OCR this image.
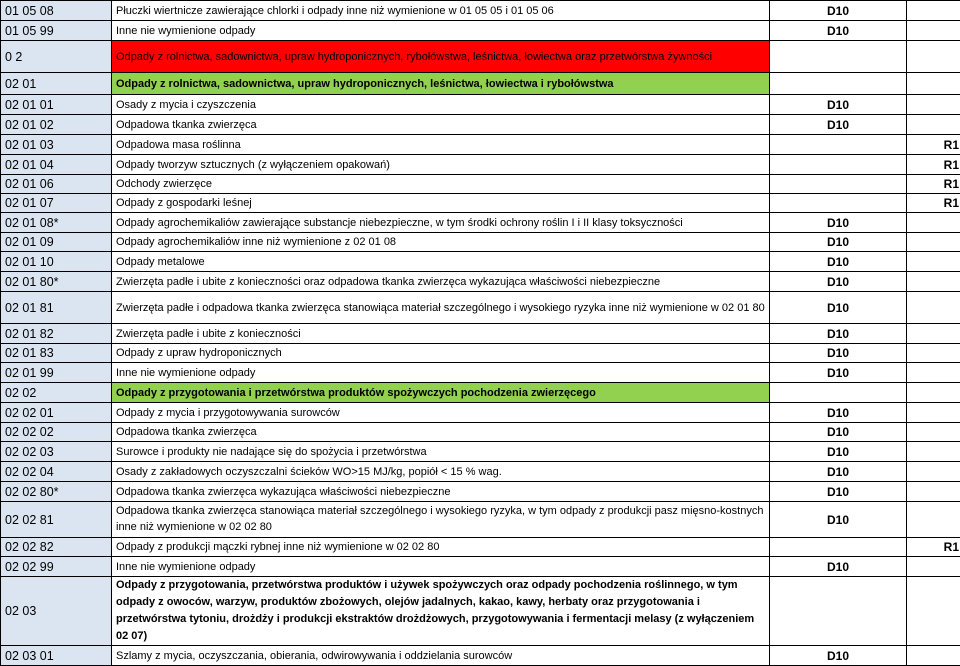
01 05 08	Płuczki wiertnicze zawierające chlorki i odpady inne niż wymienione w 01 05 05 i 01 05 06	D10	
01 05 99	Inne nie wymienione odpady	D10	
0 2	Odpady z rolnictwa, sadownictwa, upraw hydroponicznych, rybołówstwa, leśnictwa, łowiectwa oraz przetwórstwa żywności		
02 01	Odpady z rolnictwa, sadownictwa, upraw hydroponicznych, leśnictwa, łowiectwa i rybołówstwa		
02 01 01	Osady z mycia i czyszczenia	D10	
02 01 02	Odpadowa tkanka zwierzęca	D10	
02 01 03	Odpadowa masa roślinna		R1
02 01 04	Odpady tworzyw sztucznych (z wyłączeniem opakowań)		R1
02 01 06	Odchody zwierzęce		R1
02 01 07	Odpady z gospodarki leśnej		R1
02 01 08*	Odpady agrochemikaliów zawierające substancje niebezpieczne, w tym środki ochrony roślin I i II klasy toksyczności	D10	
02 01 09	Odpady agrochemikaliów inne niż wymienione z 02 01 08	D10	
02 01 10	Odpady metalowe	D10	
02 01 80*	Zwierzęta padłe i ubite z konieczności oraz odpadowa tkanka zwierzęca wykazująca właściwości niebezpieczne	D10	
02 01 81	Zwierzęta padłe i odpadowa tkanka zwierzęca stanowiąca materiał szczególnego i wysokiego ryzyka inne niż wymienione w 02 01 80	D10	
02 01 82	Zwierzęta padłe i ubite z konieczności	D10	
02 01 83	Odpady z upraw hydroponicznych	D10	
02 01 99	Inne nie wymienione odpady	D10	
02 02	Odpady z przygotowania i przetwórstwa produktów spożywczych pochodzenia zwierzęcego		
02 02 01	Odpady z mycia i przygotowywania surowców	D10	
02 02 02	Odpadowa tkanka zwierzęca	D10	
02 02 03	Surowce i produkty nie nadające się do spożycia i przetwórstwa	D10	
02 02 04	Osady z zakładowych oczyszczalni ścieków WO>15 MJ/kg, popiół < 15 % wag.	D10	
02 02 80*	Odpadowa tkanka zwierzęca wykazująca właściwości niebezpieczne	D10	
02 02 81	Odpadowa tkanka zwierzęca stanowiąca materiał szczególnego i wysokiego ryzyka, w tym odpady z produkcji pasz mięsno-kostnych inne niż wymienione w 02 02 80	D10	
02 02 82	Odpady z produkcji mączki rybnej inne niż wymienione w 02 02 80		R1
02 02 99	Inne nie wymienione odpady	D10	
02 03	Odpady z przygotowania, przetwórstwa produktów i używek spożywczych oraz odpady pochodzenia roślinnego, w tym odpady z owoców, warzyw, produktów zbożowych, olejów jadalnych, kakao, kawy, herbaty oraz przygotowania i przetwórstwa tytoniu, drożdży i produkcji ekstraktów drożdżowych, przygotowywania i fermentacji melasy (z wyłączeniem 02 07)		
02 03 01	Szlamy z mycia, oczyszczania, obierania, odwirowywania i oddzielania surowców	D10	
